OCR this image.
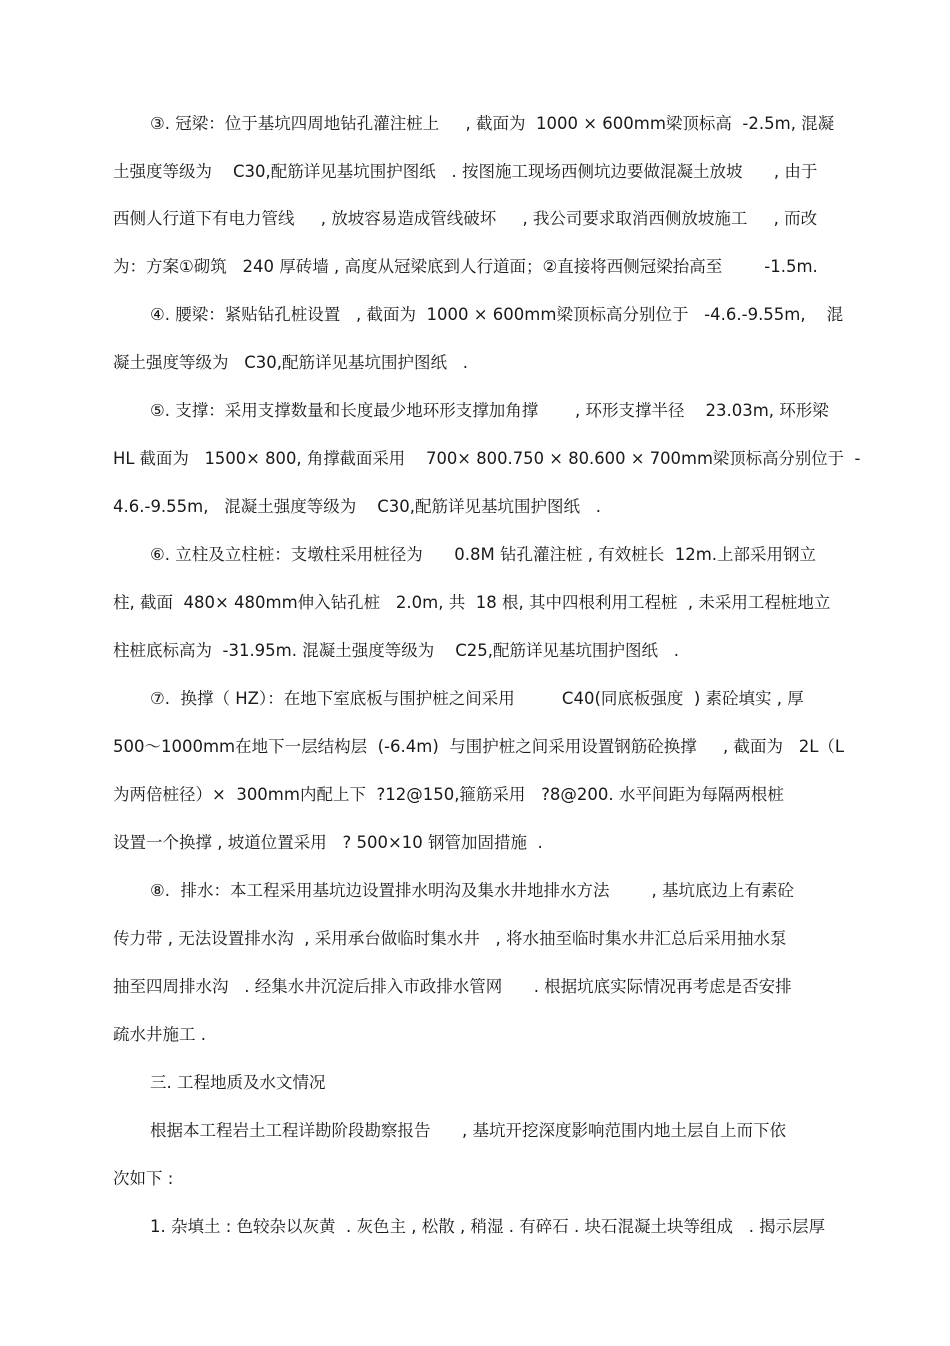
③. 冠梁：位于基坑四周地钻孔灌注桩上     , 截面为  1000 × 600mm梁顶标高  -2.5m, 混凝
土强度等级为    C30,配筋详见基坑围护图纸   . 按图施工现场西侧坑边要做混凝土放坡      , 由于
西侧人行道下有电力管线     , 放坡容易造成管线破坏     , 我公司要求取消西侧放坡施工     , 而改
为：方案①砌筑   240 厚砖墙 , 高度从冠梁底到人行道面；②直接将西侧冠梁抬高至        -1.5m.
④. 腰梁：紧贴钻孔桩设置   , 截面为  1000 × 600mm梁顶标高分别位于   -4.6.-9.55m,    混
凝土强度等级为   C30,配筋详见基坑围护图纸   .
⑤. 支撑：采用支撑数量和长度最少地环形支撑加角撑       , 环形支撑半径    23.03m, 环形梁
HL 截面为   1500× 800, 角撑截面采用    700× 800.750 × 80.600 × 700mm梁顶标高分别位于  -
4.6.-9.55m,   混凝土强度等级为    C30,配筋详见基坑围护图纸   .
⑥. 立柱及立柱桩：支墩柱采用桩径为      0.8M 钻孔灌注桩 , 有效桩长  12m.上部采用钢立
柱, 截面  480× 480mm伸入钻孔桩   2.0m, 共  18 根, 其中四根利用工程桩  , 未采用工程桩地立
柱桩底标高为  -31.95m. 混凝土强度等级为    C25,配筋详见基坑围护图纸   .
⑦.  换撑（ HZ）：在地下室底板与围护桩之间采用         C40(同底板强度  ) 素砼填实 , 厚
500～1000mm在地下一层结构层  (-6.4m)  与围护桩之间采用设置钢筋砼换撑     , 截面为   2L（L
为两倍桩径）×  300mm内配上下  ?12@150,箍筋采用   ?8@200. 水平间距为每隔两根桩
设置一个换撑 , 坡道位置采用   ? 500×10 钢管加固措施  .
⑧.  排水：本工程采用基坑边设置排水明沟及集水井地排水方法        , 基坑底边上有素砼
传力带 , 无法设置排水沟  , 采用承台做临时集水井   , 将水抽至临时集水井汇总后采用抽水泵
抽至四周排水沟   . 经集水井沉淀后排入市政排水管网      . 根据坑底实际情况再考虑是否安排
疏水井施工 .
三. 工程地质及水文情况
根据本工程岩土工程详勘阶段勘察报告      , 基坑开挖深度影响范围内地土层自上而下依
次如下 :
1. 杂填土 : 色较杂以灰黄  . 灰色主 , 松散 , 稍湿 . 有碎石 . 块石混凝土块等组成   . 揭示层厚
